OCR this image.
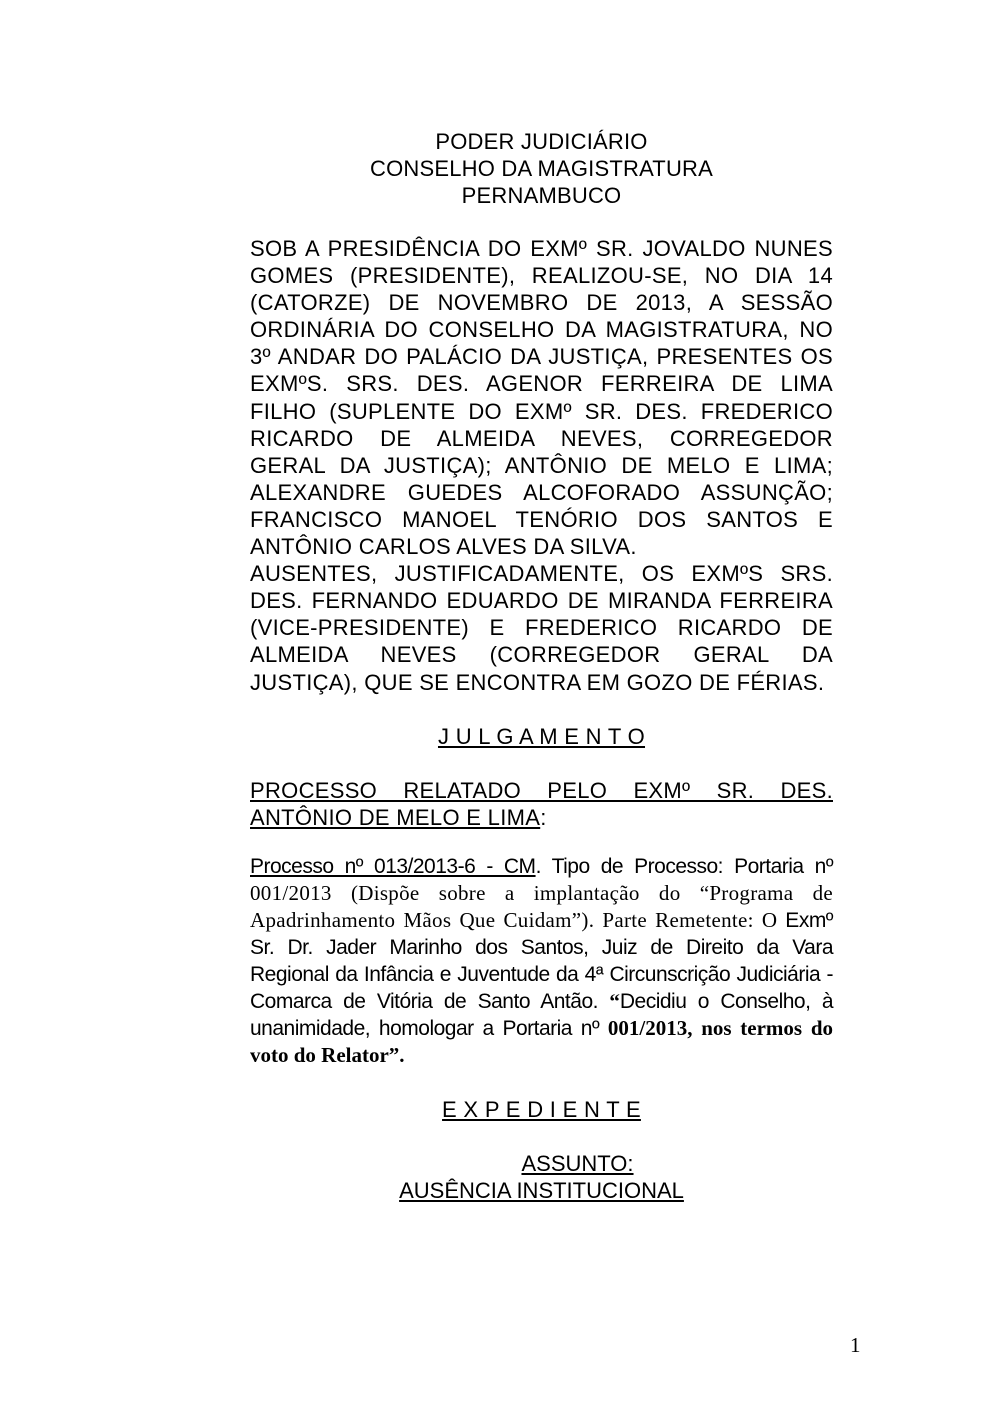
PODER JUDICIÁRIO
CONSELHO DA MAGISTRATURA
PERNAMBUCO
SOB A PRESIDÊNCIA DO EXMº SR. JOVALDO NUNES GOMES (PRESIDENTE), REALIZOU-SE, NO DIA 14 (CATORZE) DE NOVEMBRO DE 2013, A SESSÃO ORDINÁRIA DO CONSELHO DA MAGISTRATURA, NO 3º ANDAR DO PALÁCIO DA JUSTIÇA, PRESENTES OS EXMºS. SRS. DES. AGENOR FERREIRA DE LIMA FILHO (SUPLENTE DO EXMº SR. DES. FREDERICO RICARDO DE ALMEIDA NEVES, CORREGEDOR GERAL DA JUSTIÇA); ANTÔNIO DE MELO E LIMA; ALEXANDRE GUEDES ALCOFORADO ASSUNÇÃO; FRANCISCO MANOEL TENÓRIO DOS SANTOS E ANTÔNIO CARLOS ALVES DA SILVA.
AUSENTES, JUSTIFICADAMENTE, OS EXMºS SRS. DES. FERNANDO EDUARDO DE MIRANDA FERREIRA (VICE-PRESIDENTE) E FREDERICO RICARDO DE ALMEIDA NEVES (CORREGEDOR GERAL DA JUSTIÇA), QUE SE ENCONTRA EM GOZO DE FÉRIAS.
J U L G A M E N T O
PROCESSO RELATADO PELO EXMº SR. DES. ANTÔNIO DE MELO E LIMA:
Processo nº 013/2013-6 - CM. Tipo de Processo: Portaria nº 001/2013 (Dispõe sobre a implantação do “Programa de Apadrinhamento Mãos Que Cuidam”). Parte Remetente: O Exmº Sr. Dr. Jader Marinho dos Santos, Juiz de Direito da Vara Regional da Infância e Juventude da 4ª Circunscrição Judiciária - Comarca de Vitória de Santo Antão. “Decidiu o Conselho, à unanimidade, homologar a Portaria nº 001/2013, nos termos do voto do Relator”.
E X P E D I E N T E
ASSUNTO:
AUSÊNCIA INSTITUCIONAL
1
